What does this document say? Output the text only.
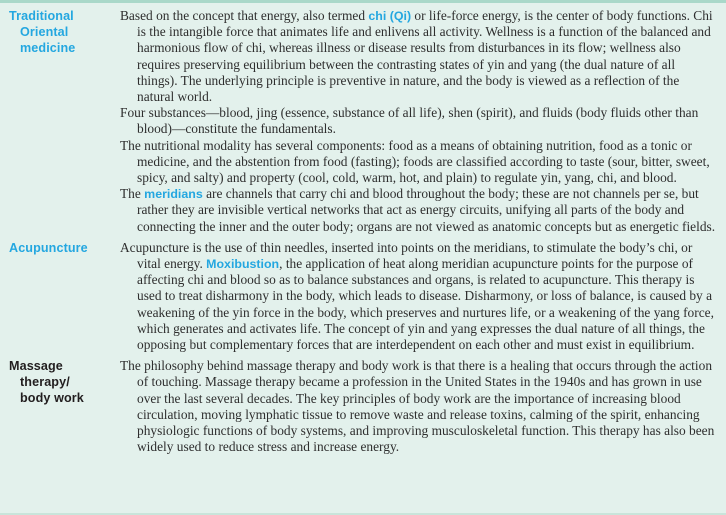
Traditional
Oriental
medicine
Based on the concept that energy, also termed chi (Qi) or life-force energy, is the center of body functions. Chi is the intangible force that animates life and enlivens all activity. Wellness is a function of the balanced and harmonious flow of chi, whereas illness or disease results from disturbances in its flow; wellness also requires preserving equilibrium between the contrasting states of yin and yang (the dual nature of all things). The underlying principle is preventive in nature, and the body is viewed as a reflection of the natural world.
Four substances—blood, jing (essence, substance of all life), shen (spirit), and fluids (body fluids other than blood)—constitute the fundamentals.
The nutritional modality has several components: food as a means of obtaining nutrition, food as a tonic or medicine, and the abstention from food (fasting); foods are classified according to taste (sour, bitter, sweet, spicy, and salty) and property (cool, cold, warm, hot, and plain) to regulate yin, yang, chi, and blood.
The meridians are channels that carry chi and blood throughout the body; these are not channels per se, but rather they are invisible vertical networks that act as energy circuits, unifying all parts of the body and connecting the inner and the outer body; organs are not viewed as anatomic concepts but as energetic fields.
Acupuncture	Acupuncture is the use of thin needles, inserted into points on the meridians, to stimulate the body’s chi, or vital energy. Moxibustion, the application of heat along meridian acupuncture points for the purpose of affecting chi and blood so as to balance substances and organs, is related to acupuncture. This therapy is used to treat disharmony in the body, which leads to disease. Disharmony, or loss of balance, is caused by a weakening of the yin force in the body, which preserves and nurtures life, or a weakening of the yang force, which generates and activates life. The concept of yin and yang expresses the dual nature of all things, the opposing but complementary forces that are interdependent on each other and must exist in equilibrium.
Massage
therapy/
body work
The philosophy behind massage therapy and body work is that there is a healing that occurs through the action of touching. Massage therapy became a profession in the United States in the 1940s and has grown in use over the last several decades. The key principles of body work are the importance of increasing blood circulation, moving lymphatic tissue to remove waste and release toxins, calming of the spirit, enhancing physiologic functions of body systems, and improving musculoskeletal function. This therapy has also been widely used to reduce stress and increase energy.
